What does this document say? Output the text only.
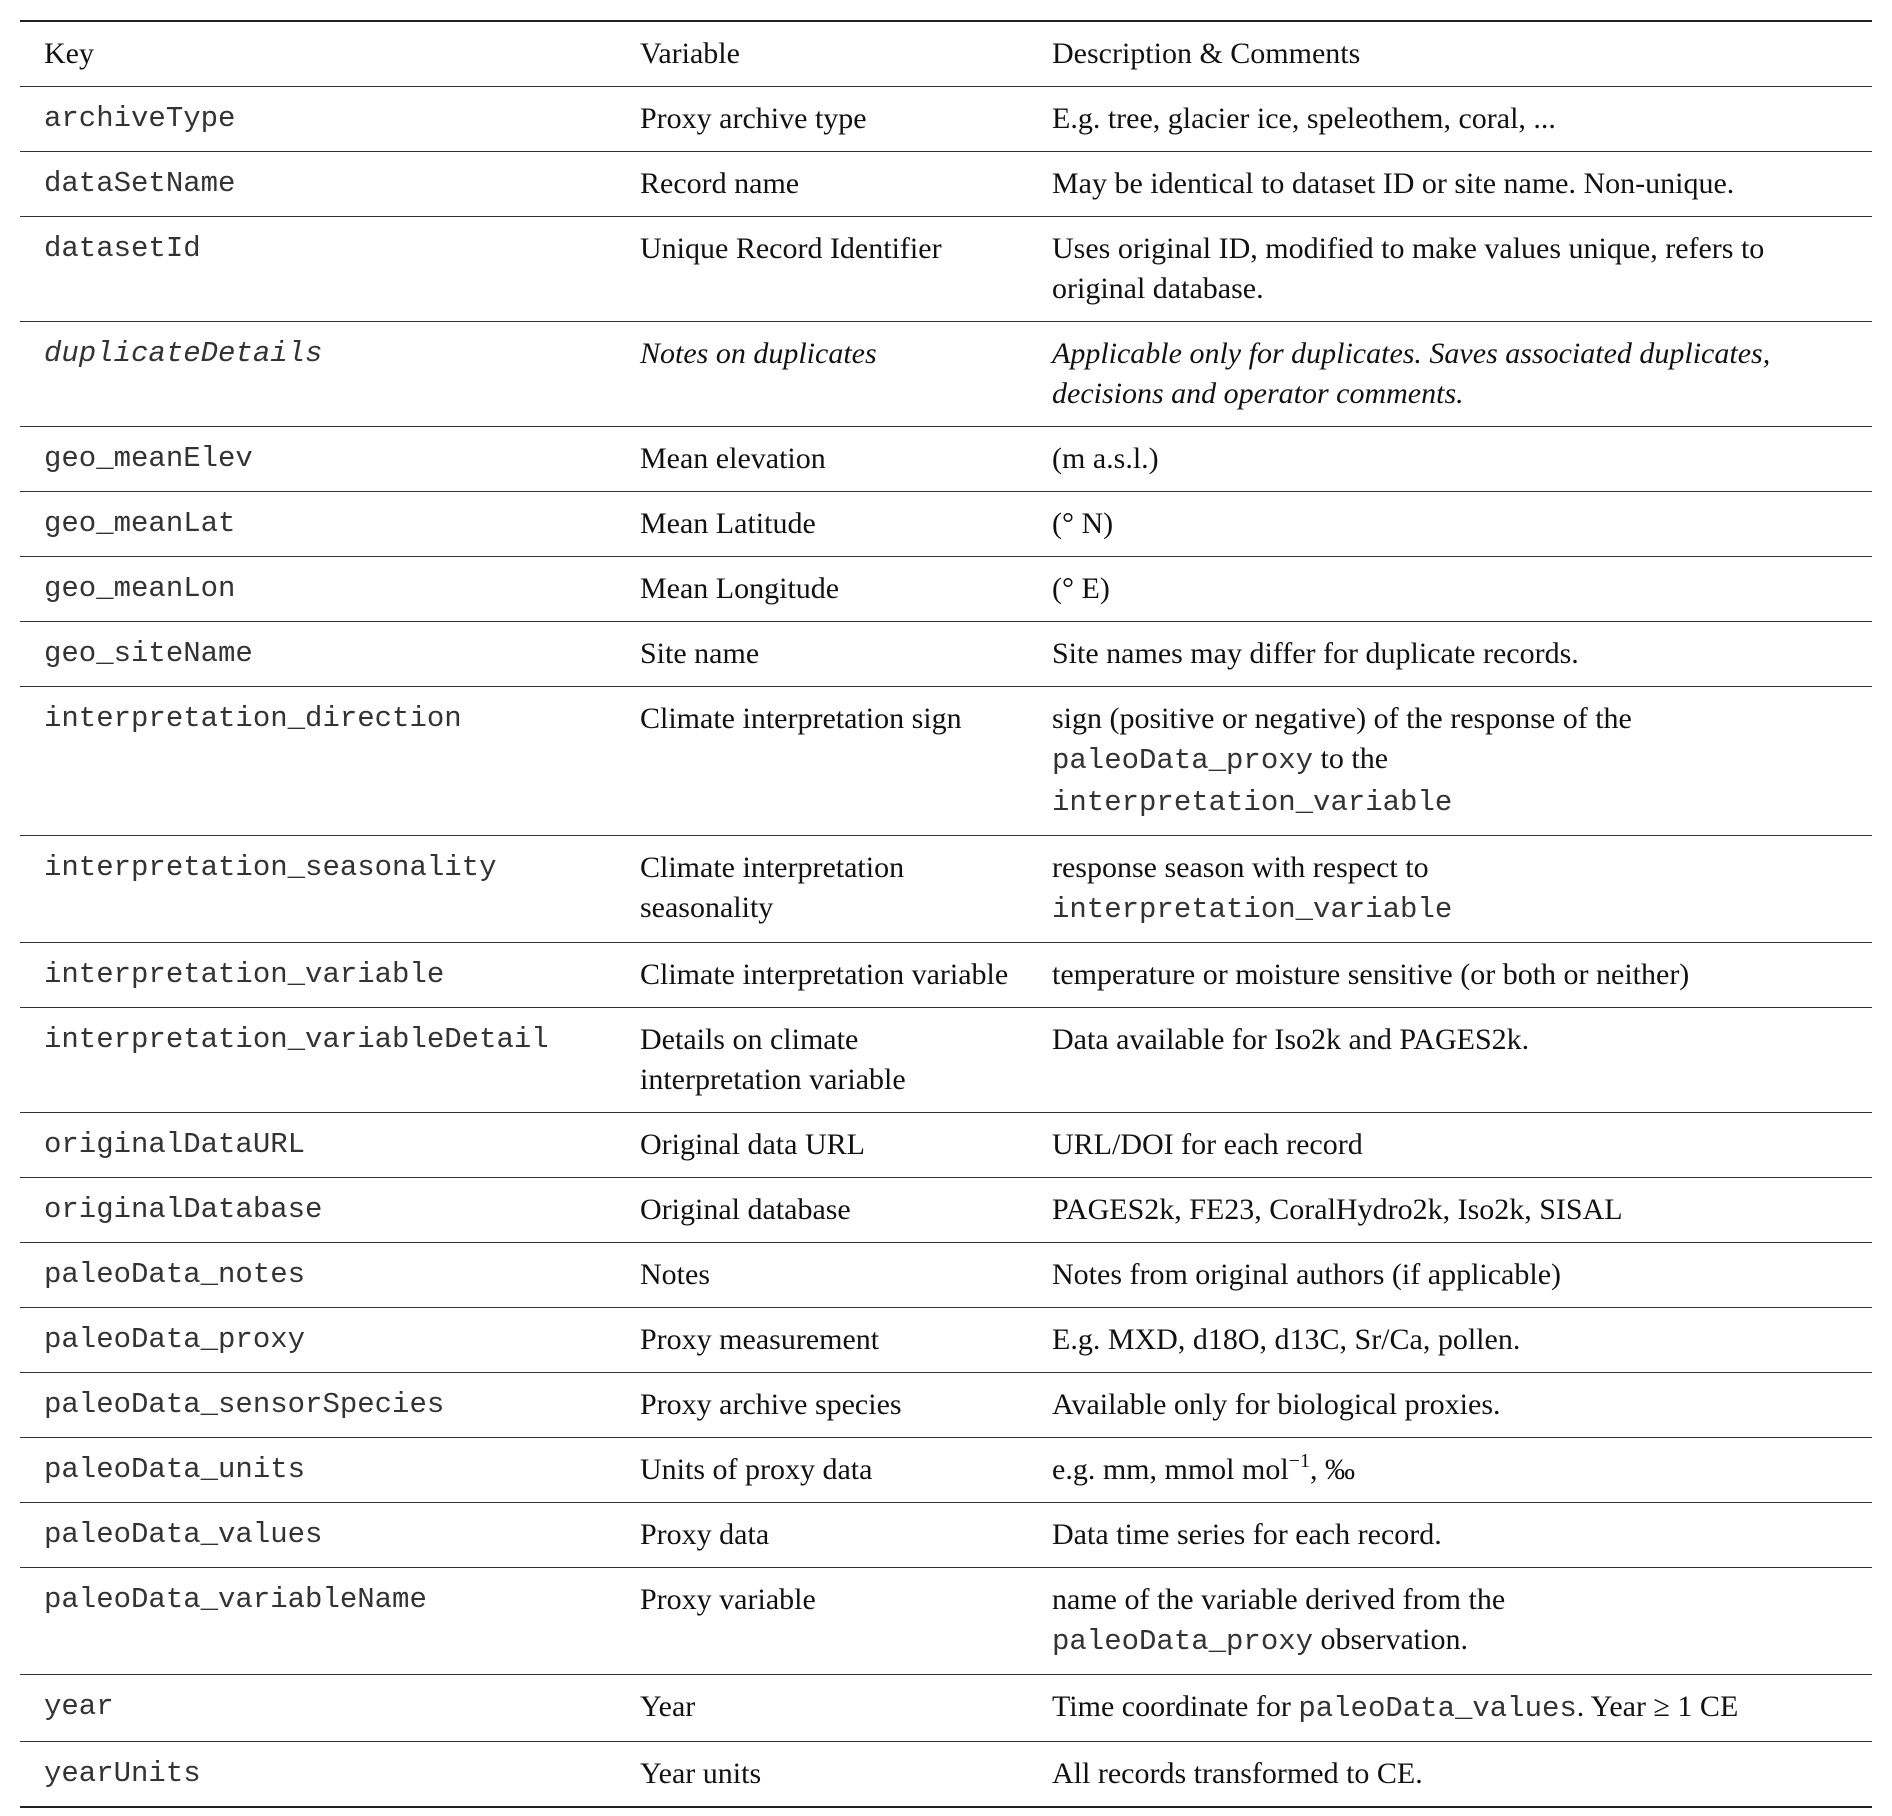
Key	Variable	Description & Comments
archiveType	Proxy archive type	E.g. tree, glacier ice, speleothem, coral, ...
dataSetName	Record name	May be identical to dataset ID or site name. Non-unique.
datasetId	Unique Record Identifier	Uses original ID, modified to make values unique, refers to original database.
duplicateDetails	Notes on duplicates	Applicable only for duplicates. Saves associated duplicates, decisions and operator comments.
geo_meanElev	Mean elevation	(m a.s.l.)
geo_meanLat	Mean Latitude	(° N)
geo_meanLon	Mean Longitude	(° E)
geo_siteName	Site name	Site names may differ for duplicate records.
interpretation_direction	Climate interpretation sign	sign (positive or negative) of the response of the paleoData_proxy to the
interpretation_variable
interpretation_seasonality	Climate interpretation seasonality	response season with respect to
interpretation_variable
interpretation_variable	Climate interpretation variable	temperature or moisture sensitive (or both or neither)
interpretation_variableDetail	Details on climate interpretation variable	Data available for Iso2k and PAGES2k.
originalDataURL	Original data URL	URL/DOI for each record
originalDatabase	Original database	PAGES2k, FE23, CoralHydro2k, Iso2k, SISAL
paleoData_notes	Notes	Notes from original authors (if applicable)
paleoData_proxy	Proxy measurement	E.g. MXD, d18O, d13C, Sr/Ca, pollen.
paleoData_sensorSpecies	Proxy archive species	Available only for biological proxies.
paleoData_units	Units of proxy data	e.g. mm, mmol mol$^{-1}$, ‰
paleoData_values	Proxy data	Data time series for each record.
paleoData_variableName	Proxy variable	name of the variable derived from the
paleoData_proxy observation.
year	Year	Time coordinate for paleoData_values. Year ≥ 1 CE
yearUnits	Year units	All records transformed to CE.
